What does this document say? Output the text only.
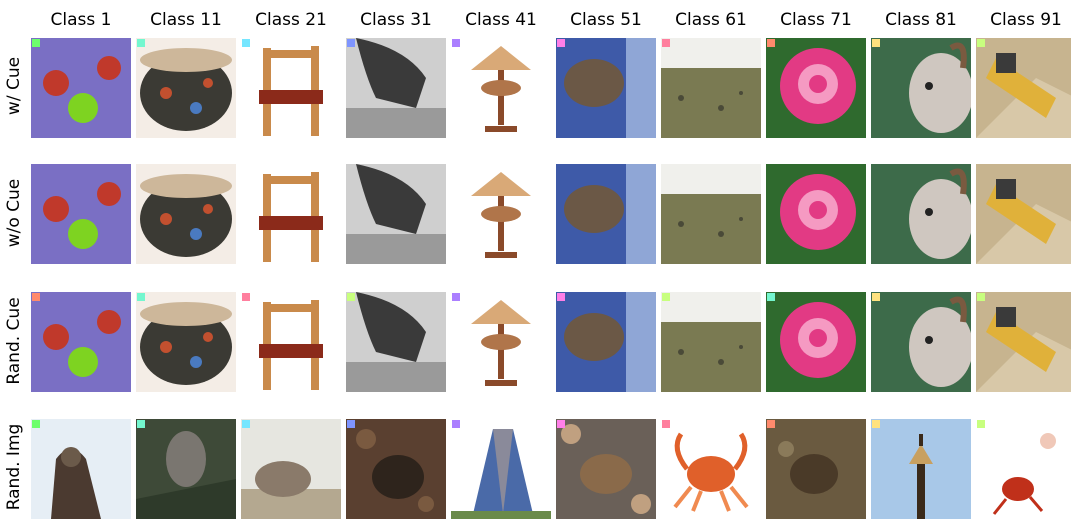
Class 1	Class 11	Class 21	Class 31	Class 41	Class 51	Class 61	Class 71	Class 81	Class 91
w/ Cue
w/o Cue
Rand. Cue
Rand. Img
